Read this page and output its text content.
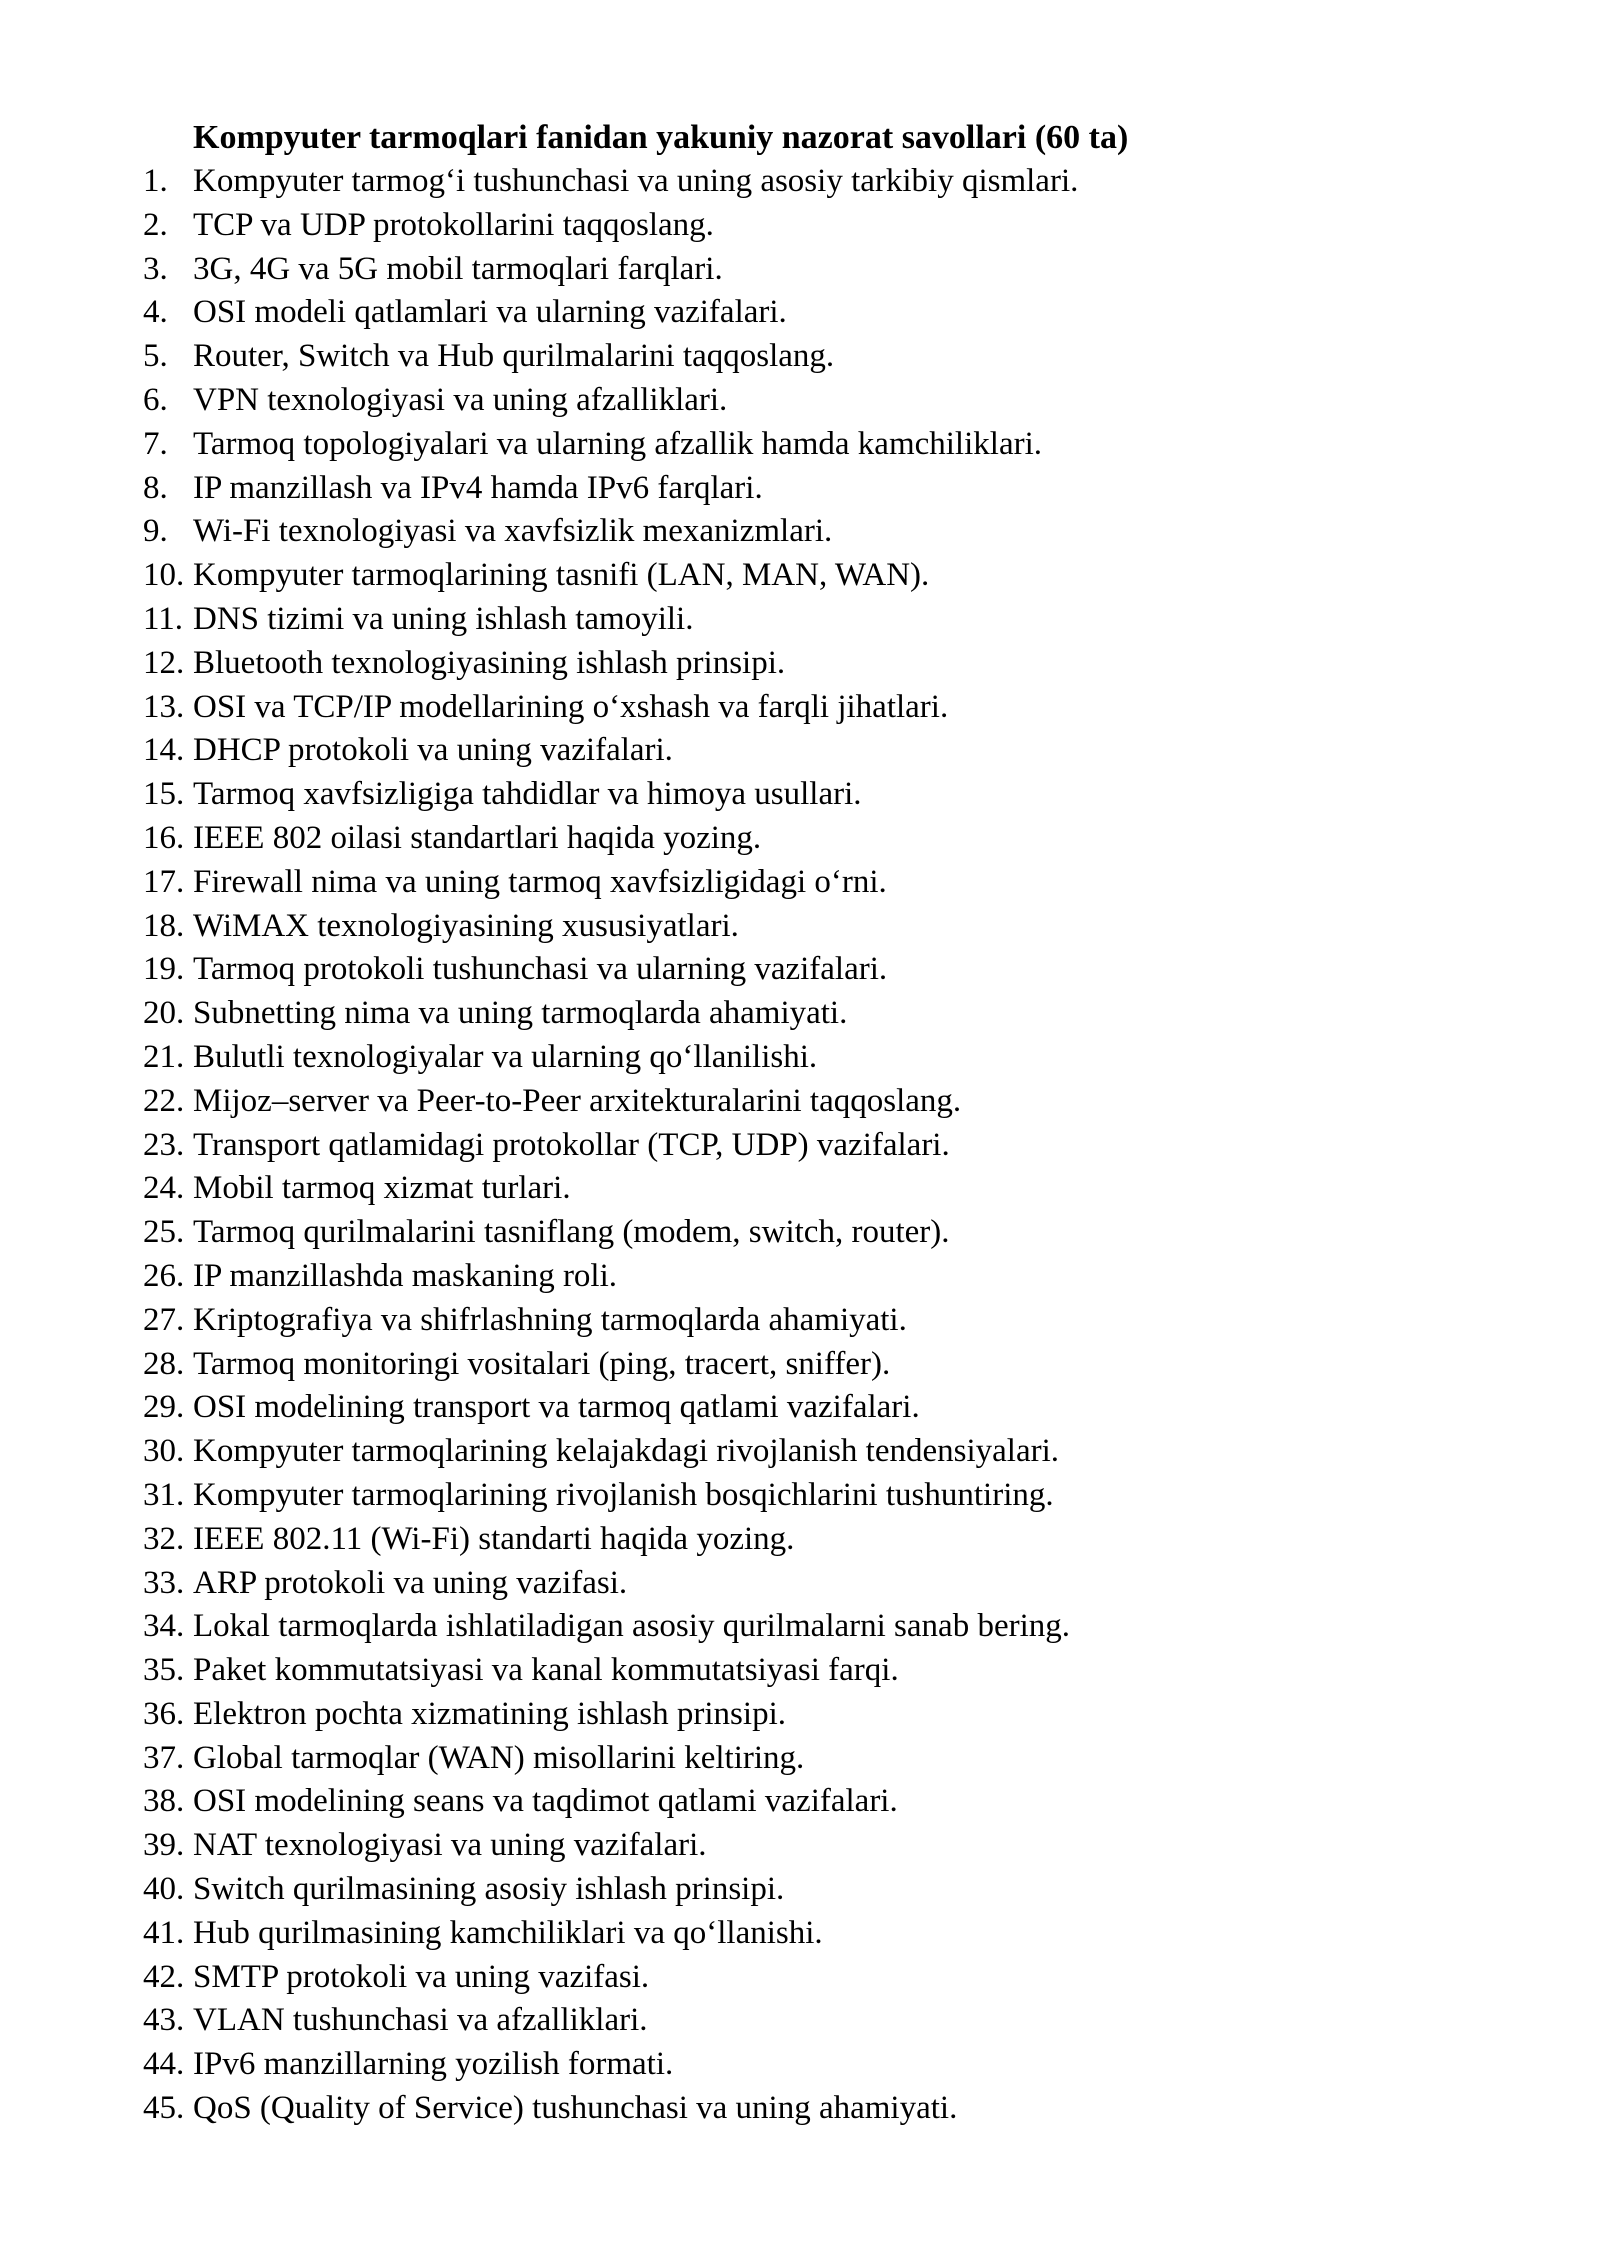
Kompyuter tarmoqlari fanidan yakuniy nazorat savollari (60 ta)
1. Kompyuter tarmog‘i tushunchasi va uning asosiy tarkibiy qismlari.
2. TCP va UDP protokollarini taqqoslang.
3. 3G, 4G va 5G mobil tarmoqlari farqlari.
4. OSI modeli qatlamlari va ularning vazifalari.
5. Router, Switch va Hub qurilmalarini taqqoslang.
6. VPN texnologiyasi va uning afzalliklari.
7. Tarmoq topologiyalari va ularning afzallik hamda kamchiliklari.
8. IP manzillash va IPv4 hamda IPv6 farqlari.
9. Wi-Fi texnologiyasi va xavfsizlik mexanizmlari.
10. Kompyuter tarmoqlarining tasnifi (LAN, MAN, WAN).
11. DNS tizimi va uning ishlash tamoyili.
12. Bluetooth texnologiyasining ishlash prinsipi.
13. OSI va TCP/IP modellarining o‘xshash va farqli jihatlari.
14. DHCP protokoli va uning vazifalari.
15. Tarmoq xavfsizligiga tahdidlar va himoya usullari.
16. IEEE 802 oilasi standartlari haqida yozing.
17. Firewall nima va uning tarmoq xavfsizligidagi o‘rni.
18. WiMAX texnologiyasining xususiyatlari.
19. Tarmoq protokoli tushunchasi va ularning vazifalari.
20. Subnetting nima va uning tarmoqlarda ahamiyati.
21. Bulutli texnologiyalar va ularning qo‘llanilishi.
22. Mijoz–server va Peer-to-Peer arxitekturalarini taqqoslang.
23. Transport qatlamidagi protokollar (TCP, UDP) vazifalari.
24. Mobil tarmoq xizmat turlari.
25. Tarmoq qurilmalarini tasniflang (modem, switch, router).
26. IP manzillashda maskaning roli.
27. Kriptografiya va shifrlashning tarmoqlarda ahamiyati.
28. Tarmoq monitoringi vositalari (ping, tracert, sniffer).
29. OSI modelining transport va tarmoq qatlami vazifalari.
30. Kompyuter tarmoqlarining kelajakdagi rivojlanish tendensiyalari.
31. Kompyuter tarmoqlarining rivojlanish bosqichlarini tushuntiring.
32. IEEE 802.11 (Wi-Fi) standarti haqida yozing.
33. ARP protokoli va uning vazifasi.
34. Lokal tarmoqlarda ishlatiladigan asosiy qurilmalarni sanab bering.
35. Paket kommutatsiyasi va kanal kommutatsiyasi farqi.
36. Elektron pochta xizmatining ishlash prinsipi.
37. Global tarmoqlar (WAN) misollarini keltiring.
38. OSI modelining seans va taqdimot qatlami vazifalari.
39. NAT texnologiyasi va uning vazifalari.
40. Switch qurilmasining asosiy ishlash prinsipi.
41. Hub qurilmasining kamchiliklari va qo‘llanishi.
42. SMTP protokoli va uning vazifasi.
43. VLAN tushunchasi va afzalliklari.
44. IPv6 manzillarning yozilish formati.
45. QoS (Quality of Service) tushunchasi va uning ahamiyati.
